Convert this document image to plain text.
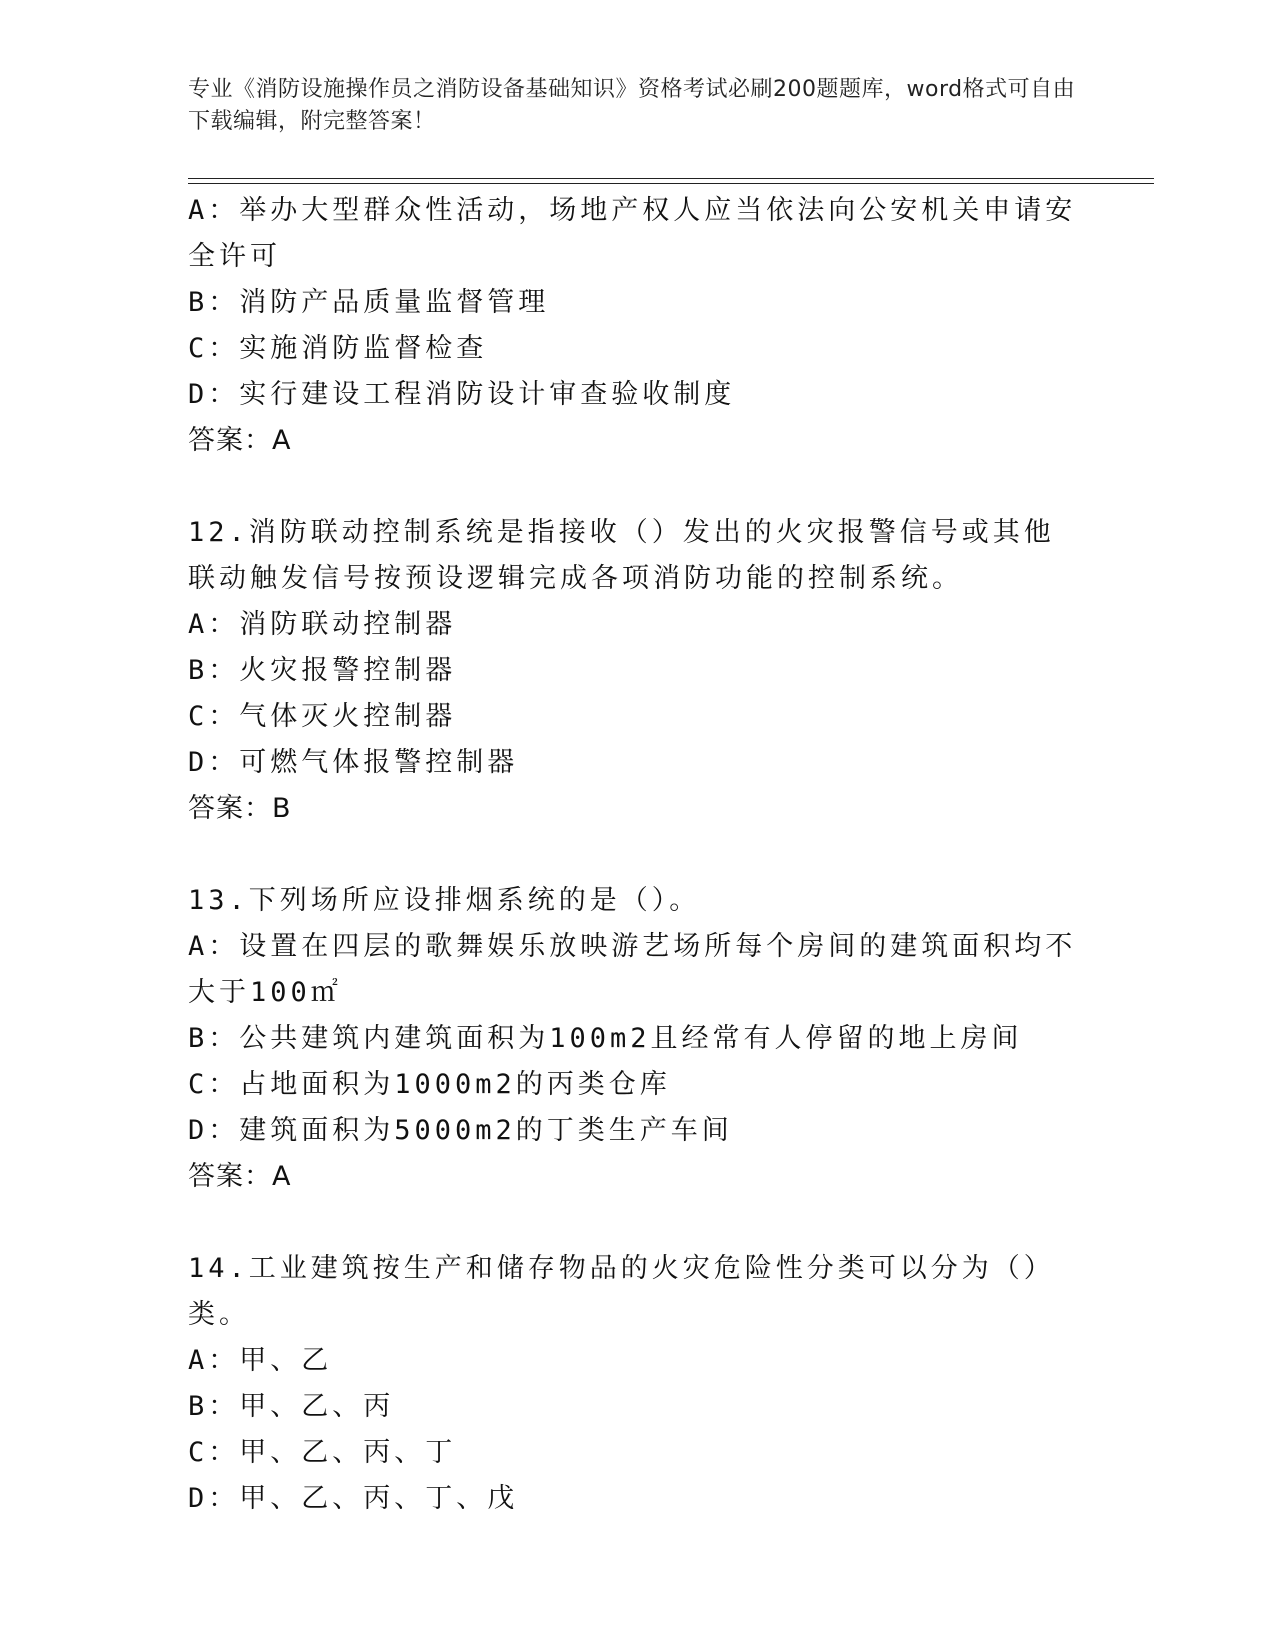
专业《消防设施操作员之消防设备基础知识》资格考试必刷200题题库，word格式可自由下载编辑，附完整答案！
A：举办大型群众性活动，场地产权人应当依法向公安机关申请安全许可
B：消防产品质量监督管理
C：实施消防监督检查
D：实行建设工程消防设计审查验收制度
答案：A
12.消防联动控制系统是指接收（）发出的火灾报警信号或其他联动触发信号按预设逻辑完成各项消防功能的控制系统。
A：消防联动控制器
B：火灾报警控制器
C：气体灭火控制器
D：可燃气体报警控制器
答案：B
13.下列场所应设排烟系统的是（）。
A：设置在四层的歌舞娱乐放映游艺场所每个房间的建筑面积均不大于100㎡
B：公共建筑内建筑面积为100m2且经常有人停留的地上房间
C：占地面积为1000m2的丙类仓库
D：建筑面积为5000m2的丁类生产车间
答案：A
14.工业建筑按生产和储存物品的火灾危险性分类可以分为（）类。
A：甲、乙
B：甲、乙、丙
C：甲、乙、丙、丁
D：甲、乙、丙、丁、戊
